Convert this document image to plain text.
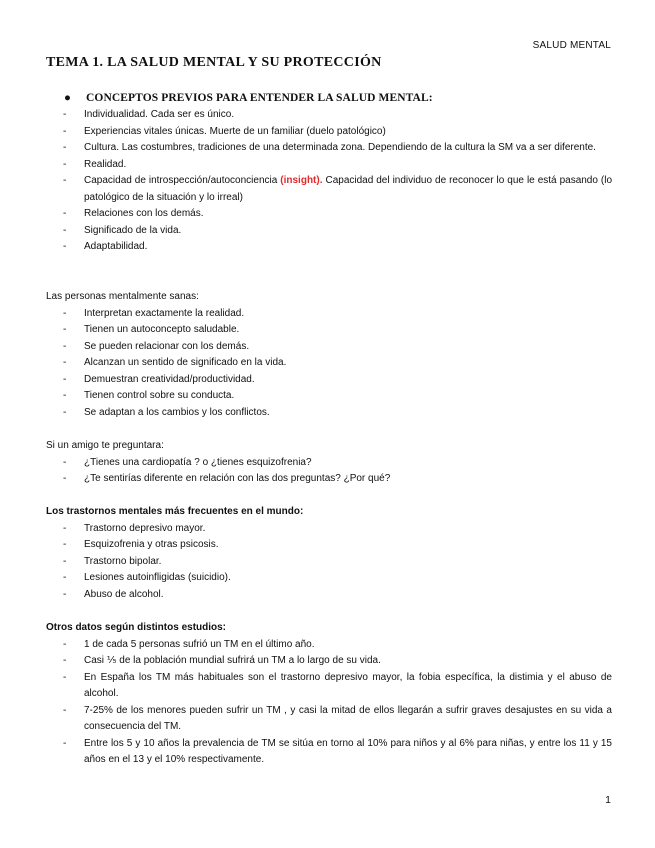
SALUD MENTAL
TEMA 1. LA SALUD MENTAL Y SU PROTECCIÓN
● CONCEPTOS PREVIOS PARA ENTENDER LA SALUD MENTAL:
- Individualidad. Cada ser es único.
- Experiencias vitales únicas. Muerte de un familiar (duelo patológico)
- Cultura. Las costumbres, tradiciones de una determinada zona. Dependiendo de la cultura la SM va a ser diferente.
- Realidad.
- Capacidad de introspección/autoconciencia (insight). Capacidad del individuo de reconocer lo que le está pasando (lo patológico de la situación y lo irreal)
- Relaciones con los demás.
- Significado de la vida.
- Adaptabilidad.
Las personas mentalmente sanas:
- Interpretan exactamente la realidad.
- Tienen un autoconcepto saludable.
- Se pueden relacionar con los demás.
- Alcanzan un sentido de significado en la vida.
- Demuestran creatividad/productividad.
- Tienen control sobre su conducta.
- Se adaptan a los cambios y los conflictos.
Si un amigo te preguntara:
- ¿Tienes una cardiopatía ? o ¿tienes esquizofrenia?
- ¿Te sentirías diferente en relación con las dos preguntas? ¿Por qué?
Los trastornos mentales más frecuentes en el mundo:
- Trastorno depresivo mayor.
- Esquizofrenia y otras psicosis.
- Trastorno bipolar.
- Lesiones autoinfligidas (suicidio).
- Abuso de alcohol.
Otros datos según distintos estudios:
- 1 de cada 5 personas sufrió un TM en el último año.
- Casi ⅕ de la población mundial sufrirá un TM a lo largo de su vida.
- En España los TM más habituales son el trastorno depresivo mayor, la fobia específica, la distimia y el abuso de alcohol.
- 7-25% de los menores pueden sufrir un TM , y casi la mitad de ellos llegarán a sufrir graves desajustes en su vida a consecuencia del TM.
- Entre los 5 y 10 años la prevalencia de TM se sitúa en torno al 10% para niños y al 6% para niñas, y entre los 11 y 15 años en el 13 y el 10% respectivamente.
1
